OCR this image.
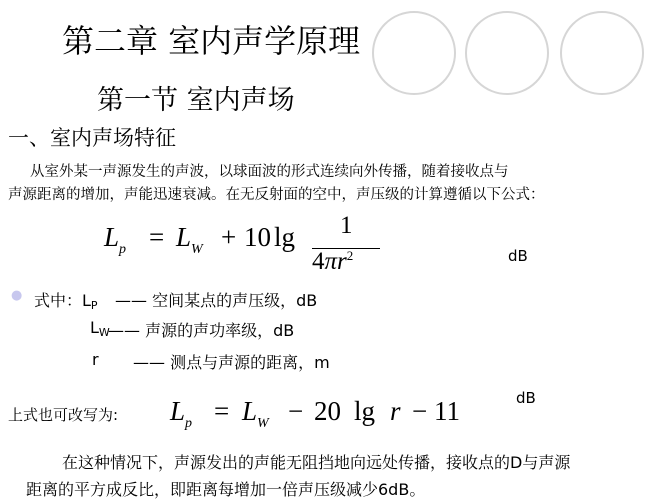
第二章 室内声学原理
第一节 室内声场
一、室内声场特征
从室外某一声源发生的声波，以球面波的形式连续向外传播，随着接收点与
声源距离的增加，声能迅速衰减。在无反射面的空中，声压级的计算遵循以下公式：
$L_p = L_W + 10$ lg 1
$4\pi r^2$	dB
● 式中：LP —— 空间某点的声压级，dB
LW
—— 声源的声功率级，dB
r —— 测点与声源的距离，m
上式也可改写为:
dB
$L_p = L_W - 20$ lg r − 11
在这种情况下，声源发出的声能无阻挡地向远处传播，接收点的D与声源
距离的平方成反比，即距离每增加一倍声压级减少6dB。
